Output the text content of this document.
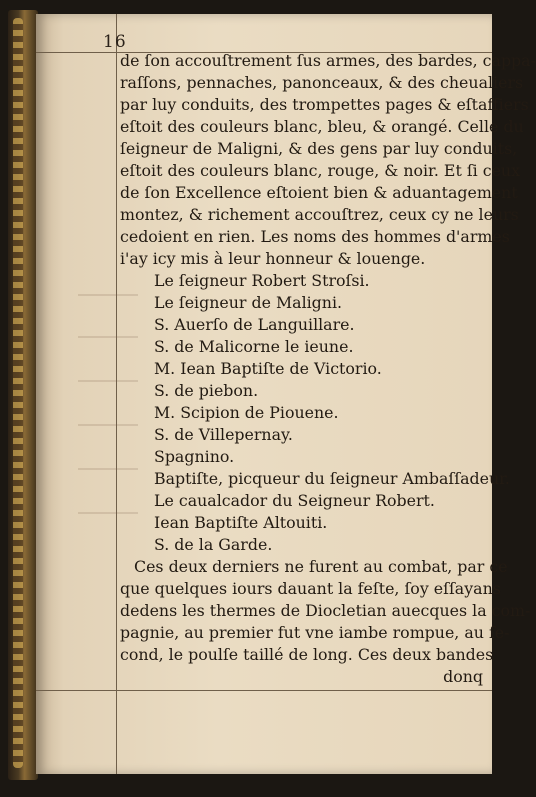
16
de ſon accouſtrement ſus armes, des bardes, cappa-
raſſons, pennaches, panonceaux, & des cheualiers
par luy conduits, des trompettes pages & eſtaffiers
eſtoit des couleurs blanc, bleu, & orangé. Celle du
ſeigneur de Maligni, & des gens par luy conduits,
eſtoit des couleurs blanc, rouge, & noir. Et ſi ceux
de ſon Excellence eſtoient bien & aduantagement
montez, & richement accouſtrez, ceux cy ne leurs
cedoient en rien. Les noms des hommes d'armes
i'ay icy mis à leur honneur & louenge.
Le ſeigneur Robert Stroſsi.
Le ſeigneur de Maligni.
S. Auerſo de Languillare.
S. de Malicorne le ieune.
M. Iean Baptiſte de Victorio.
S. de piebon.
M. Scipion de Piouene.
S. de Villepernay.
Spagnino.
Baptiſte, picqueur du ſeigneur Ambaſſadeur.
Le caualcador du Seigneur Robert.
Iean Baptiſte Altouiti.
S. de la Garde.
Ces deux derniers ne furent au combat, par ce
que quelques iours dauant la feſte, ſoy eſſayans
dedens les thermes de Diocletian auecques la com-
pagnie, au premier fut vne iambe rompue, au ſe-
cond, le poulſe taillé de long. Ces deux bandes
donq
